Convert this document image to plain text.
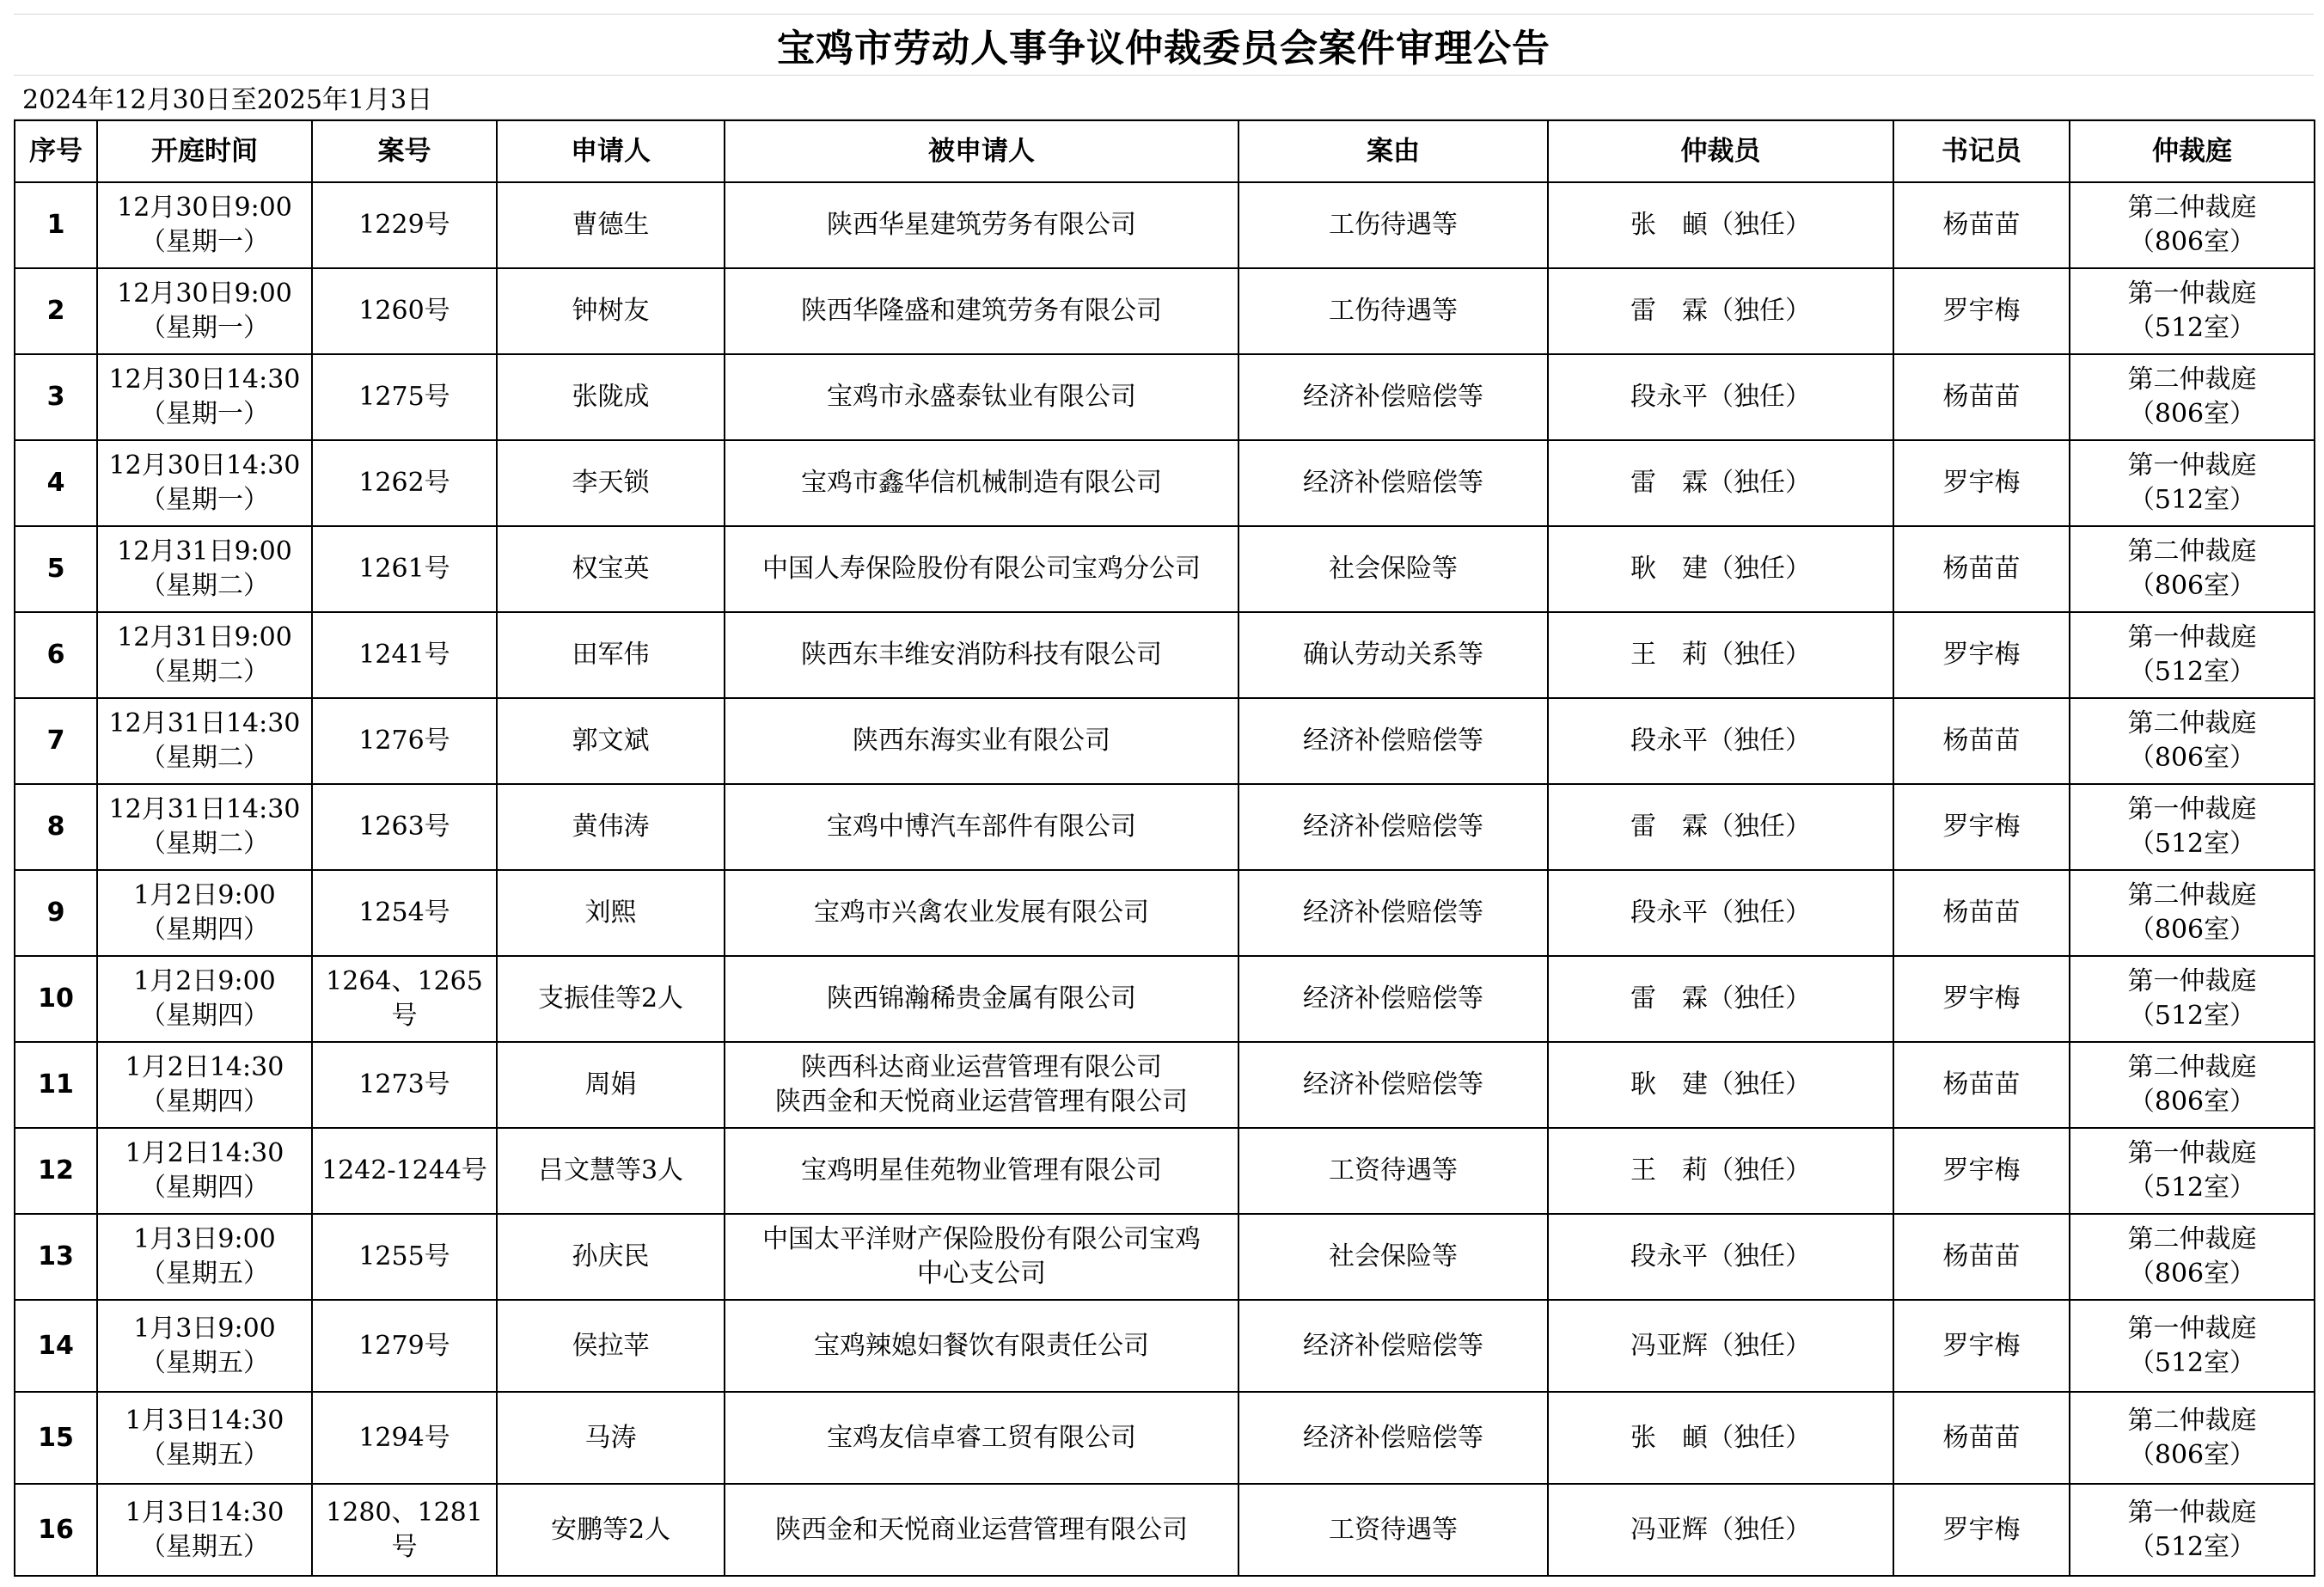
宝鸡市劳动人事争议仲裁委员会案件审理公告
2024年12月30日至2025年1月3日
序号	开庭时间	案号	申请人	被申请人	案由	仲裁员	书记员	仲裁庭
1	12月30日9:00
（星期一）	1229号	曹德生	陕西华星建筑劳务有限公司	工伤待遇等	张　頔（独任）	杨苗苗	第二仲裁庭
（806室）

2	12月30日9:00
（星期一）	1260号	钟树友	陕西华隆盛和建筑劳务有限公司	工伤待遇等	雷　霖（独任）	罗宇梅	第一仲裁庭
（512室）

3	12月30日14:30
（星期一）	1275号	张陇成	宝鸡市永盛泰钛业有限公司	经济补偿赔偿等	段永平（独任）	杨苗苗	第二仲裁庭
（806室）

4	12月30日14:30
（星期一）	1262号	李天锁	宝鸡市鑫华信机械制造有限公司	经济补偿赔偿等	雷　霖（独任）	罗宇梅	第一仲裁庭
（512室）

5	12月31日9:00
（星期二）	1261号	权宝英	中国人寿保险股份有限公司宝鸡分公司	社会保险等	耿　建（独任）	杨苗苗	第二仲裁庭
（806室）

6	12月31日9:00
（星期二）	1241号	田军伟	陕西东丰维安消防科技有限公司	确认劳动关系等	王　莉（独任）	罗宇梅	第一仲裁庭
（512室）

7	12月31日14:30
（星期二）	1276号	郭文斌	陕西东海实业有限公司	经济补偿赔偿等	段永平（独任）	杨苗苗	第二仲裁庭
（806室）

8	12月31日14:30
（星期二）	1263号	黄伟涛	宝鸡中博汽车部件有限公司	经济补偿赔偿等	雷　霖（独任）	罗宇梅	第一仲裁庭
（512室）

9	1月2日9:00
（星期四）	1254号	刘熙	宝鸡市兴禽农业发展有限公司	经济补偿赔偿等	段永平（独任）	杨苗苗	第二仲裁庭
（806室）

10	1月2日9:00
（星期四）	1264、1265
号	支振佳等2人	陕西锦瀚稀贵金属有限公司	经济补偿赔偿等	雷　霖（独任）	罗宇梅	第一仲裁庭
（512室）

11	1月2日14:30
（星期四）	1273号	周娟	陕西科达商业运营管理有限公司
陕西金和天悦商业运营管理有限公司	经济补偿赔偿等	耿　建（独任）	杨苗苗	第二仲裁庭
（806室）

12	1月2日14:30
（星期四）	1242-1244号	吕文慧等3人	宝鸡明星佳苑物业管理有限公司	工资待遇等	王　莉（独任）	罗宇梅	第一仲裁庭
（512室）

13	1月3日9:00
（星期五）	1255号	孙庆民	中国太平洋财产保险股份有限公司宝鸡
中心支公司	社会保险等	段永平（独任）	杨苗苗	第二仲裁庭
（806室）

14	1月3日9:00
（星期五）	1279号	侯拉苹	宝鸡辣媳妇餐饮有限责任公司	经济补偿赔偿等	冯亚辉（独任）	罗宇梅	第一仲裁庭
（512室）

15	1月3日14:30
（星期五）	1294号	马涛	宝鸡友信卓睿工贸有限公司	经济补偿赔偿等	张　頔（独任）	杨苗苗	第二仲裁庭
（806室）

16	1月3日14:30
（星期五）	1280、1281
号	安鹏等2人	陕西金和天悦商业运营管理有限公司	工资待遇等	冯亚辉（独任）	罗宇梅	第一仲裁庭
（512室）
